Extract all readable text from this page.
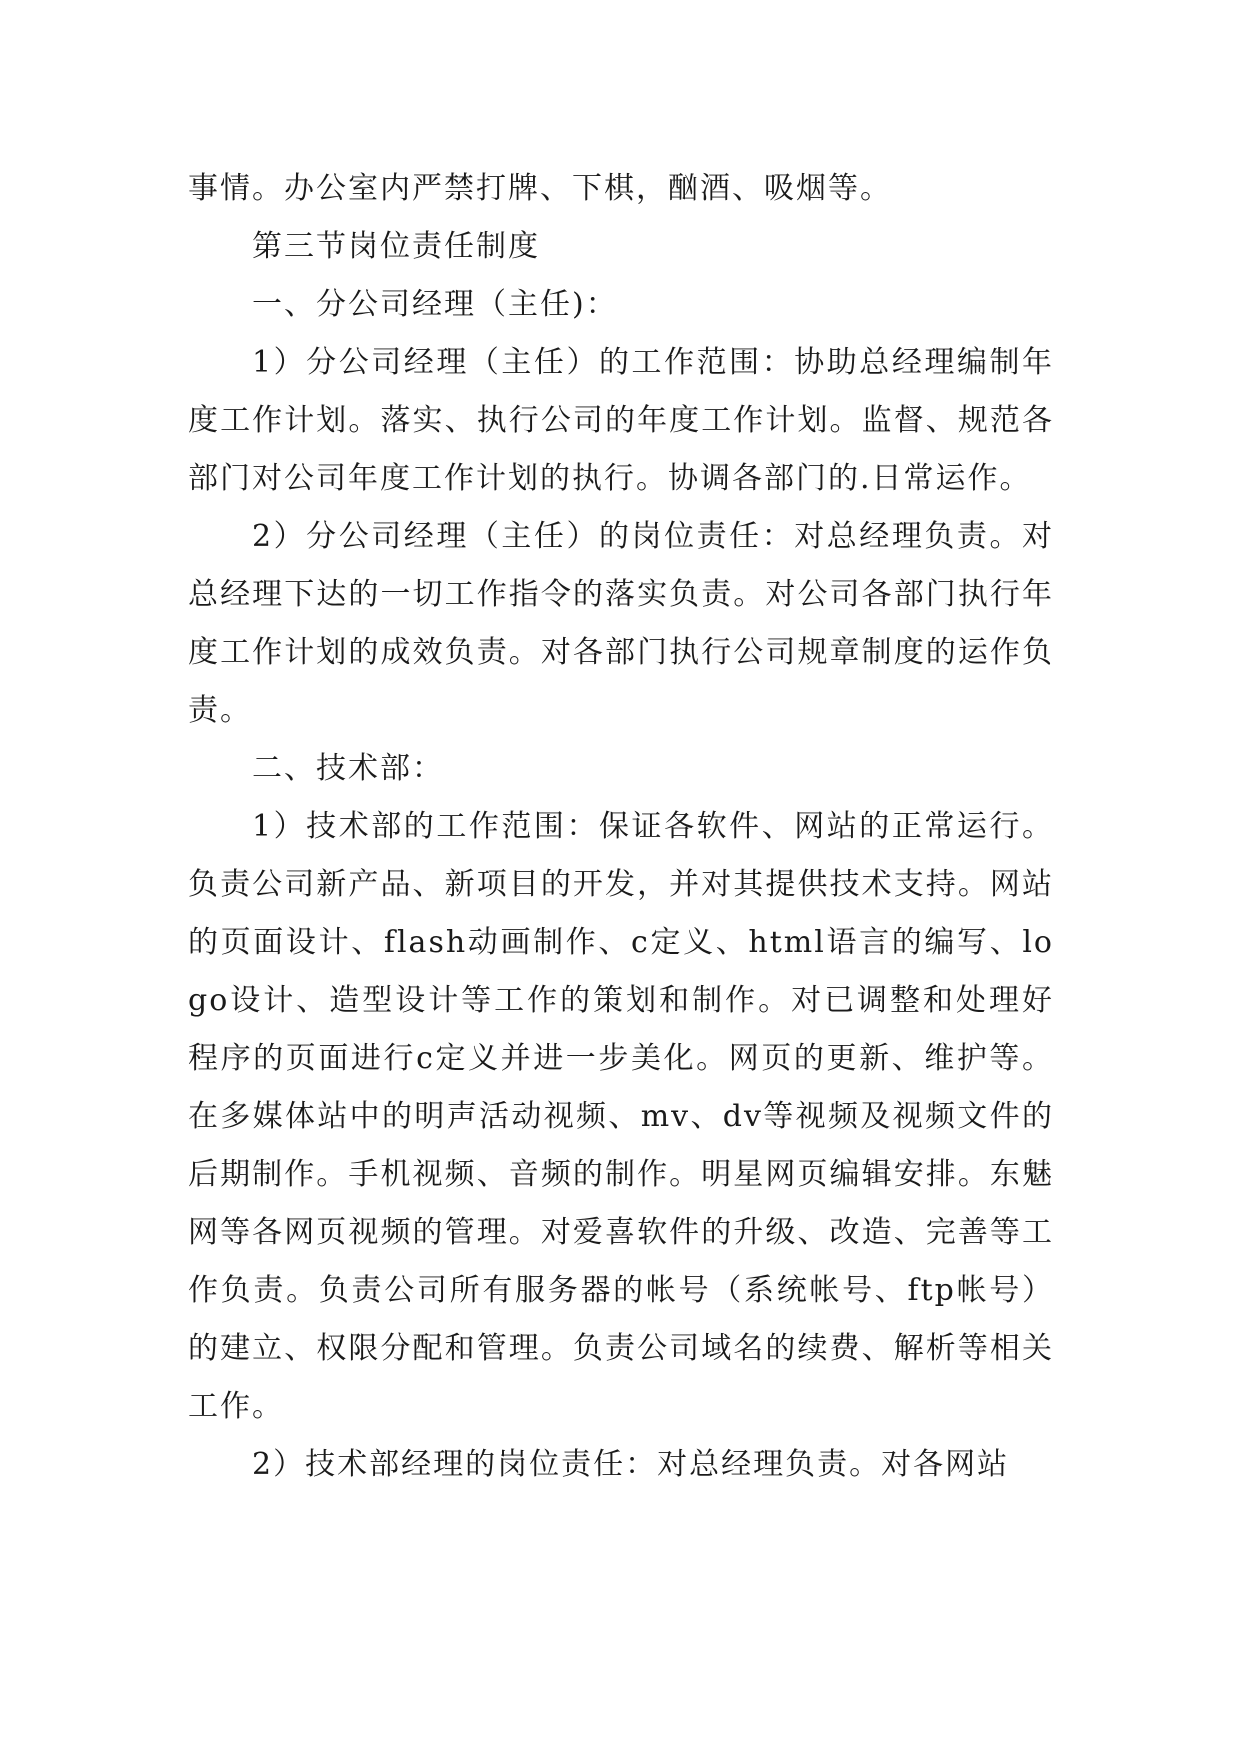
事情。办公室内严禁打牌、下棋，酗酒、吸烟等。

第三节岗位责任制度

一、分公司经理（主任)：

1）分公司经理（主任）的工作范围：协助总经理编制年度工作计划。落实、执行公司的年度工作计划。监督、规范各部门对公司年度工作计划的执行。协调各部门的.日常运作。

2）分公司经理（主任）的岗位责任：对总经理负责。对总经理下达的一切工作指令的落实负责。对公司各部门执行年度工作计划的成效负责。对各部门执行公司规章制度的运作负责。

二、技术部：

1）技术部的工作范围：保证各软件、网站的正常运行。负责公司新产品、新项目的开发，并对其提供技术支持。网站的页面设计、flash动画制作、c定义、html语言的编写、logo设计、造型设计等工作的策划和制作。对已调整和处理好程序的页面进行c定义并进一步美化。网页的更新、维护等。在多媒体站中的明声活动视频、mv、dv等视频及视频文件的后期制作。手机视频、音频的制作。明星网页编辑安排。东魅网等各网页视频的管理。对爱喜软件的升级、改造、完善等工作负责。负责公司所有服务器的帐号（系统帐号、ftp帐号）的建立、权限分配和管理。负责公司域名的续费、解析等相关工作。

2）技术部经理的岗位责任：对总经理负责。对各网站
